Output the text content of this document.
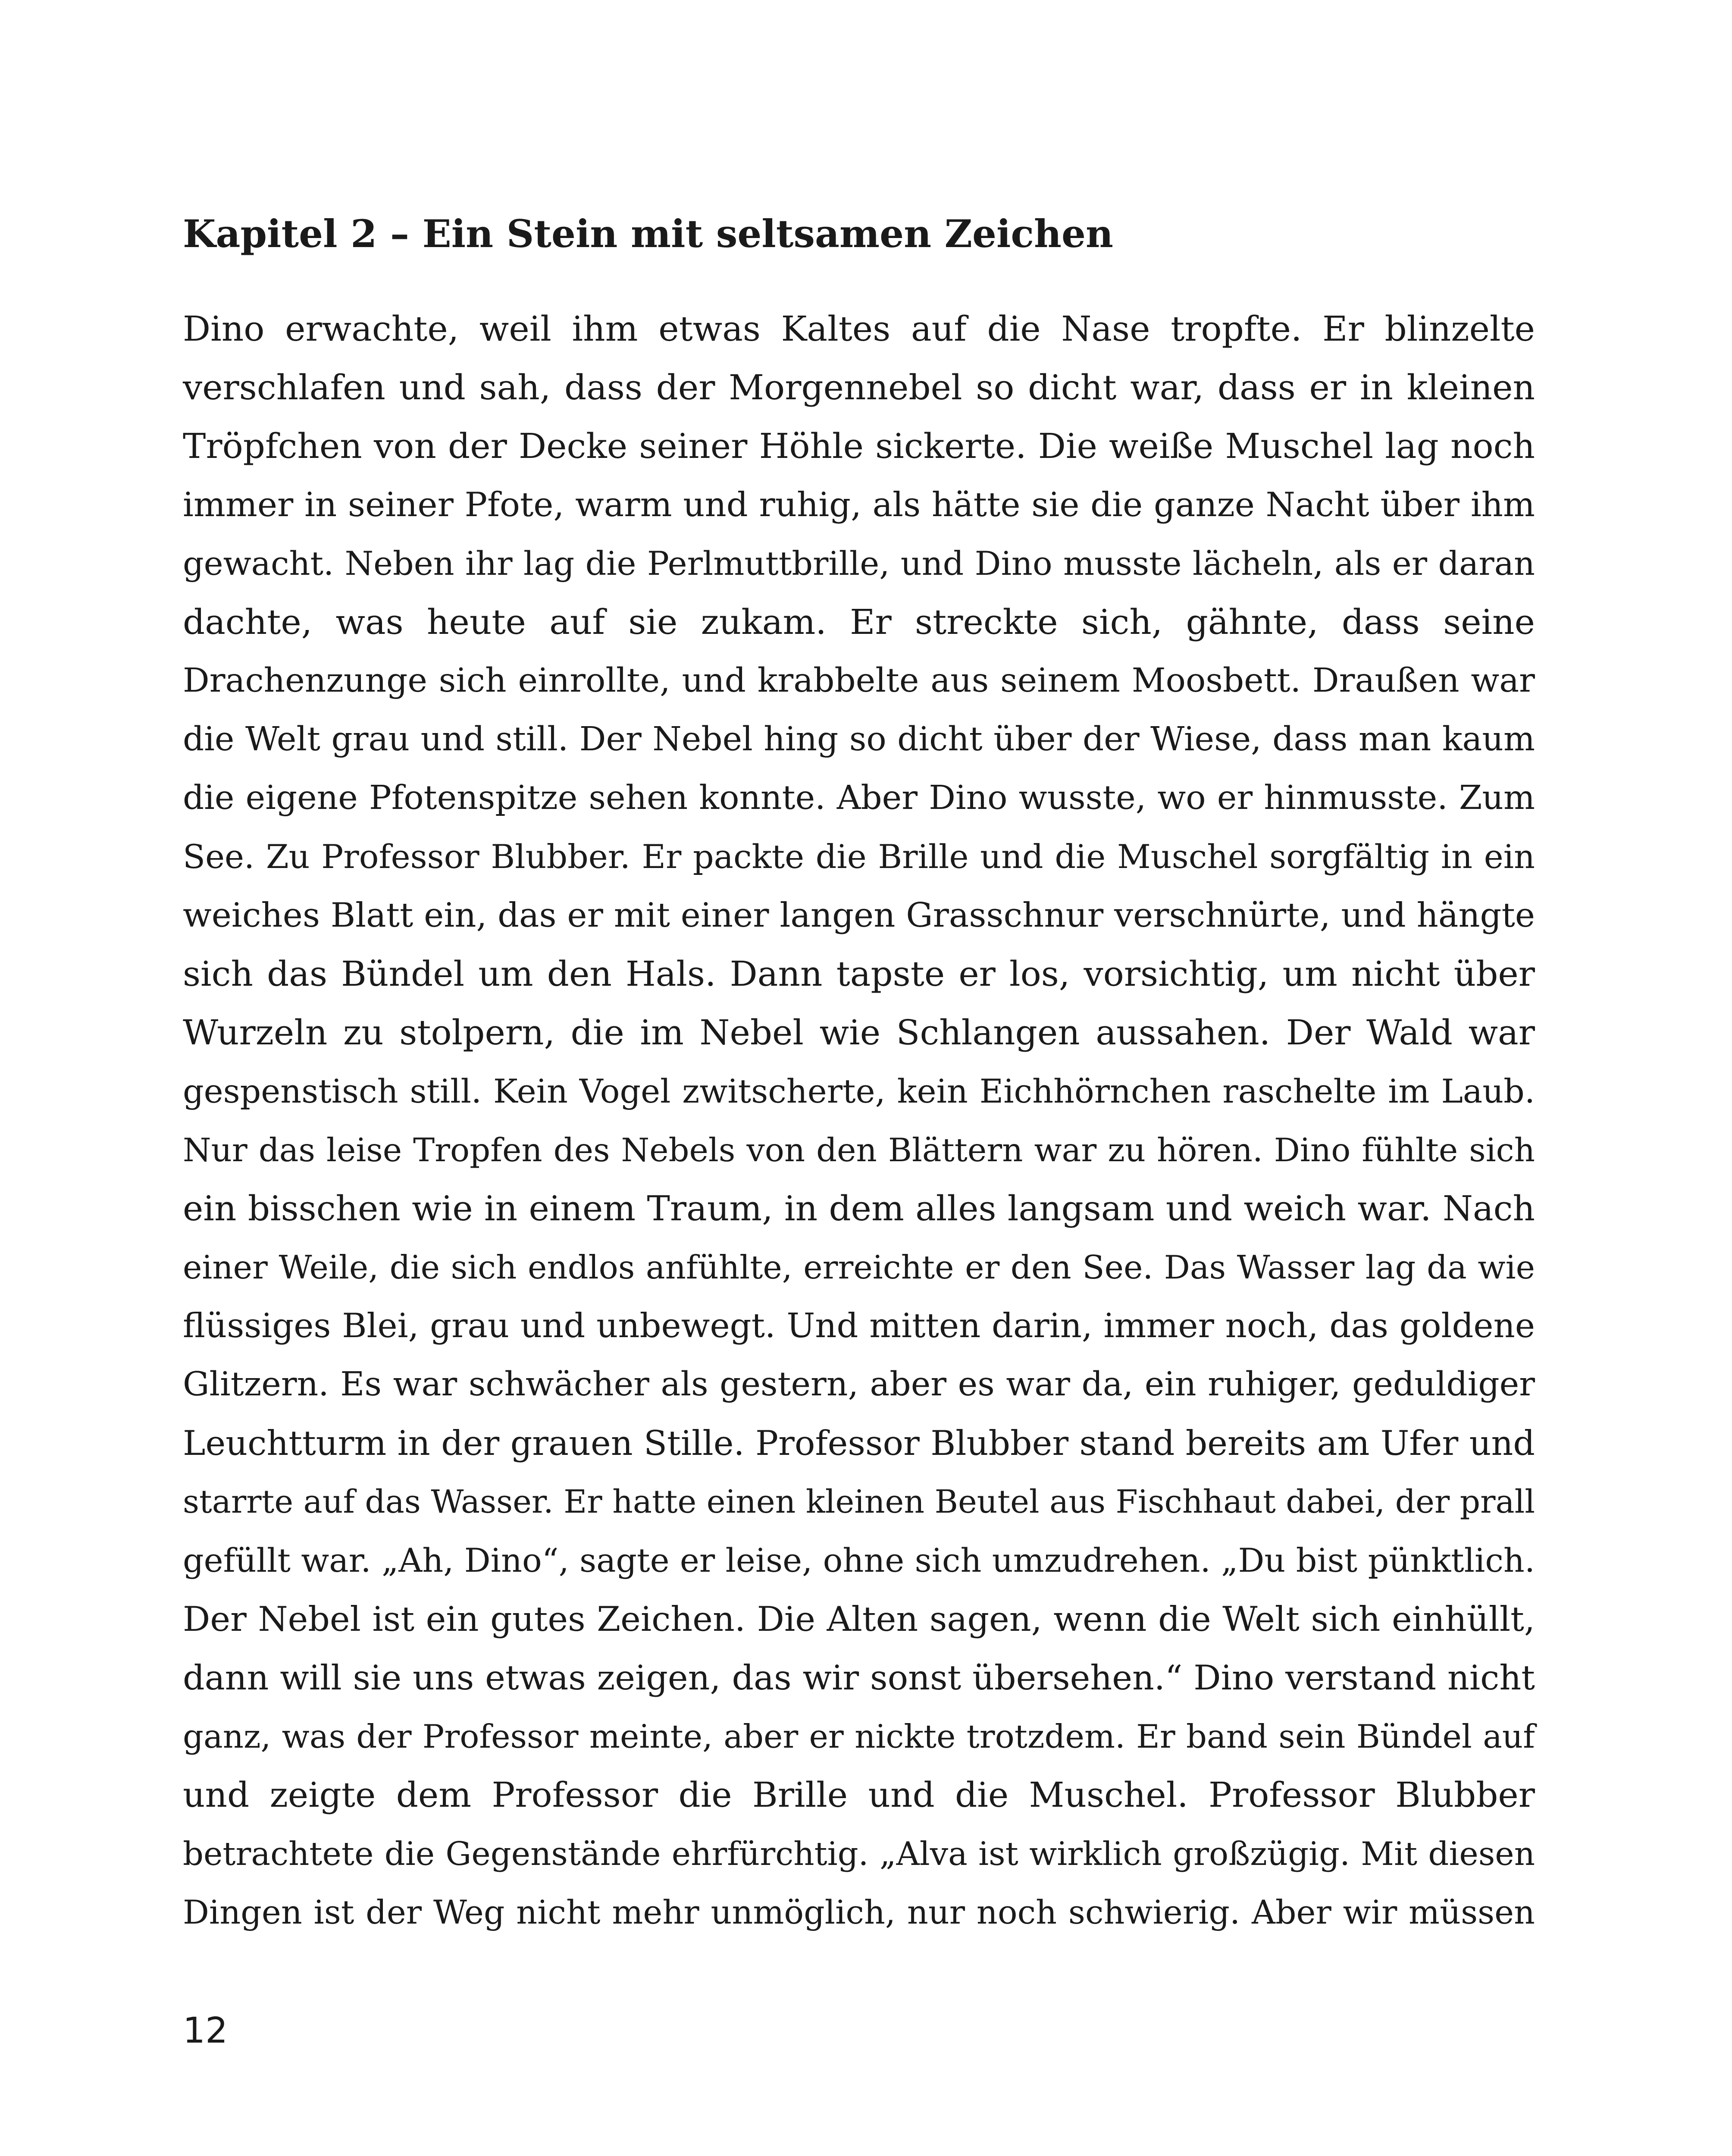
Kapitel 2 – Ein Stein mit seltsamen Zeichen
Dino erwachte, weil ihm etwas Kaltes auf die Nase tropfte. Er blinzelte
verschlafen und sah, dass der Morgennebel so dicht war, dass er in kleinen
Tröpfchen von der Decke seiner Höhle sickerte. Die weiße Muschel lag noch
immer in seiner Pfote, warm und ruhig, als hätte sie die ganze Nacht über ihm
gewacht. Neben ihr lag die Perlmuttbrille, und Dino musste lächeln, als er daran
dachte, was heute auf sie zukam. Er streckte sich, gähnte, dass seine
Drachenzunge sich einrollte, und krabbelte aus seinem Moosbett. Draußen war
die Welt grau und still. Der Nebel hing so dicht über der Wiese, dass man kaum
die eigene Pfotenspitze sehen konnte. Aber Dino wusste, wo er hinmusste. Zum
See. Zu Professor Blubber. Er packte die Brille und die Muschel sorgfältig in ein
weiches Blatt ein, das er mit einer langen Grasschnur verschnürte, und hängte
sich das Bündel um den Hals. Dann tapste er los, vorsichtig, um nicht über
Wurzeln zu stolpern, die im Nebel wie Schlangen aussahen. Der Wald war
gespenstisch still. Kein Vogel zwitscherte, kein Eichhörnchen raschelte im Laub.
Nur das leise Tropfen des Nebels von den Blättern war zu hören. Dino fühlte sich
ein bisschen wie in einem Traum, in dem alles langsam und weich war. Nach
einer Weile, die sich endlos anfühlte, erreichte er den See. Das Wasser lag da wie
flüssiges Blei, grau und unbewegt. Und mitten darin, immer noch, das goldene
Glitzern. Es war schwächer als gestern, aber es war da, ein ruhiger, geduldiger
Leuchtturm in der grauen Stille. Professor Blubber stand bereits am Ufer und
starrte auf das Wasser. Er hatte einen kleinen Beutel aus Fischhaut dabei, der prall
gefüllt war. „Ah, Dino“, sagte er leise, ohne sich umzudrehen. „Du bist pünktlich.
Der Nebel ist ein gutes Zeichen. Die Alten sagen, wenn die Welt sich einhüllt,
dann will sie uns etwas zeigen, das wir sonst übersehen.“ Dino verstand nicht
ganz, was der Professor meinte, aber er nickte trotzdem. Er band sein Bündel auf
und zeigte dem Professor die Brille und die Muschel. Professor Blubber
betrachtete die Gegenstände ehrfürchtig. „Alva ist wirklich großzügig. Mit diesen
Dingen ist der Weg nicht mehr unmöglich, nur noch schwierig. Aber wir müssen
12
